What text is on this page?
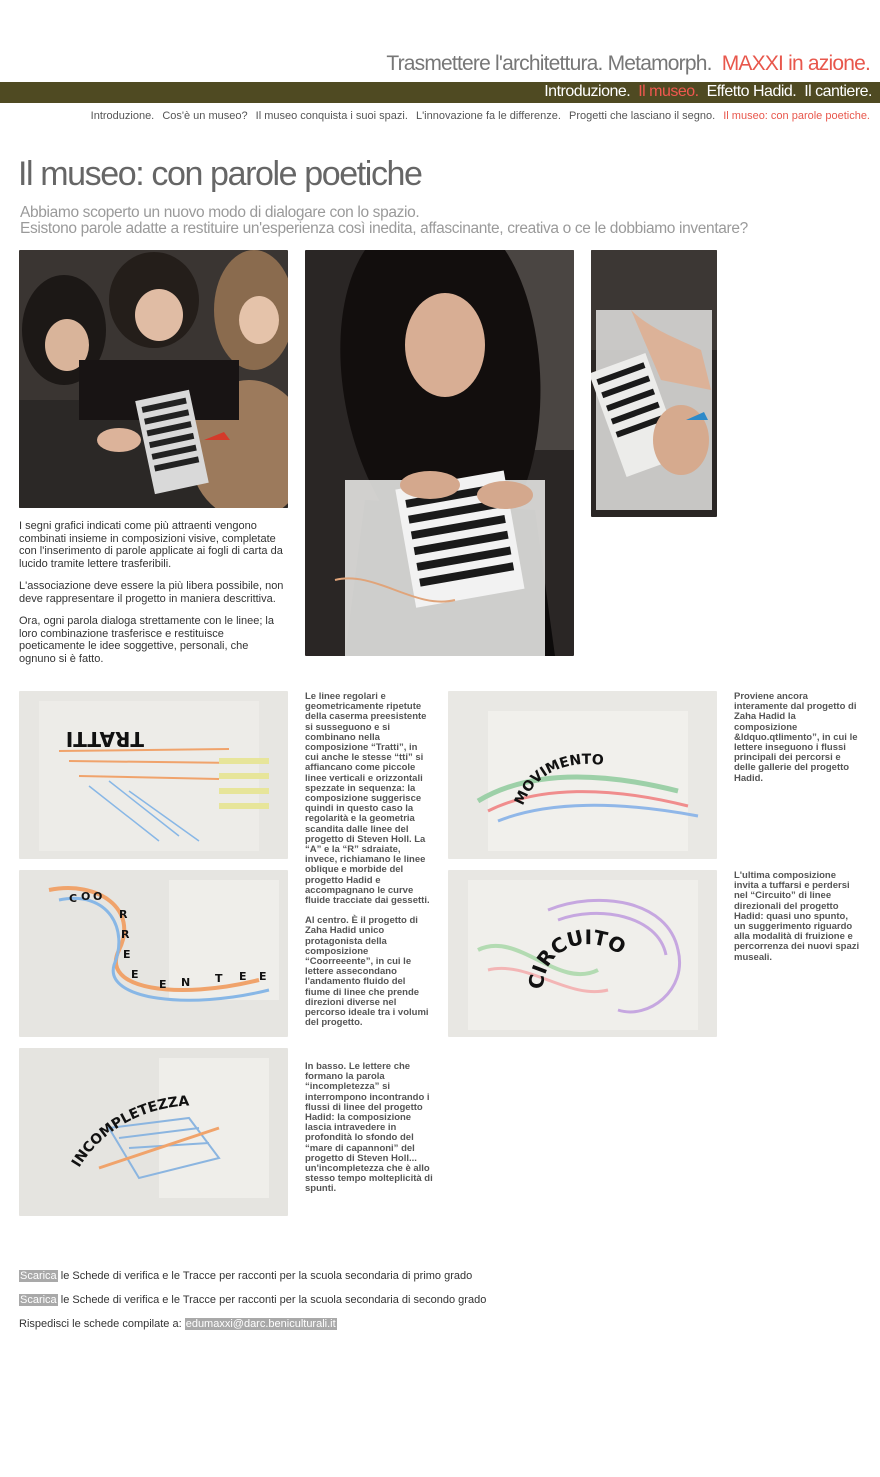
Trasmettere l'architettura. Metamorph. MAXXI in azione.
Introduzione. Il museo. Effetto Hadid. Il cantiere.
Introduzione. Cos'è un museo? Il museo conquista i suoi spazi. L'innovazione fa le differenze. Progetti che lasciano il segno. Il museo: con parole poetiche.
Il museo: con parole poetiche
Abbiamo scoperto un nuovo modo di dialogare con lo spazio.
Esistono parole adatte a restituire un'esperienza così inedita, affascinante, creativa o ce le dobbiamo inventare?

I segni grafici indicati come più attraenti vengono combinati insieme in composizioni visive, completate con l'inserimento di parole applicate ai fogli di carta da lucido tramite lettere trasferibili.

L'associazione deve essere la più libera possibile, non deve rappresentare il progetto in maniera descrittiva.

Ora, ogni parola dialoga strettamente con le linee; la loro combinazione trasferisce e restituisce poeticamente le idee soggettive, personali, che ognuno si è fatto.

TRATTI
C O O
R
R
E
E
E N T E E
INCOMPLETEZZA
MOVIMENTO
CIRCUITO

Le linee regolari e geometricamente ripetute della caserma preesistente si susseguono e si combinano nella composizione “Tratti”, in cui anche le stesse “tti” si affiancano come piccole linee verticali e orizzontali spezzate in sequenza: la composizione suggerisce quindi in questo caso la regolarità e la geometria scandita dalle linee del progetto di Steven Holl. La “A” e la “R” sdraiate, invece, richiamano le linee oblique e morbide del progetto Hadid e accompagnano le curve fluide tracciate dai gessetti.

Al centro. È il progetto di Zaha Hadid unico protagonista della composizione “Coorreeente”, in cui le lettere assecondano l'andamento fluido del fiume di linee che prende direzioni diverse nel percorso ideale tra i volumi del progetto.

In basso. Le lettere che formano la parola “incompletezza” si interrompono incontrando i flussi di linee del progetto Hadid: la composizione lascia intravedere in profondità lo sfondo del “mare di capannoni” del progetto di Steven Holl... un'incompletezza che è allo stesso tempo molteplicità di spunti.
Proviene ancora interamente dal progetto di Zaha Hadid la composizione &ldquo.qtlimento”, in cui le lettere inseguono i flussi principali dei percorsi e delle gallerie del progetto Hadid.
L'ultima composizione invita a tuffarsi e perdersi nel “Circuito” di linee direzionali del progetto Hadid: quasi uno spunto, un suggerimento riguardo alla modalità di fruizione e percorrenza dei nuovi spazi museali.
Scarica le Schede di verifica e le Tracce per racconti per la scuola secondaria di primo grado
Scarica le Schede di verifica e le Tracce per racconti per la scuola secondaria di secondo grado
Rispedisci le schede compilate a: edumaxxi@darc.beniculturali.it
